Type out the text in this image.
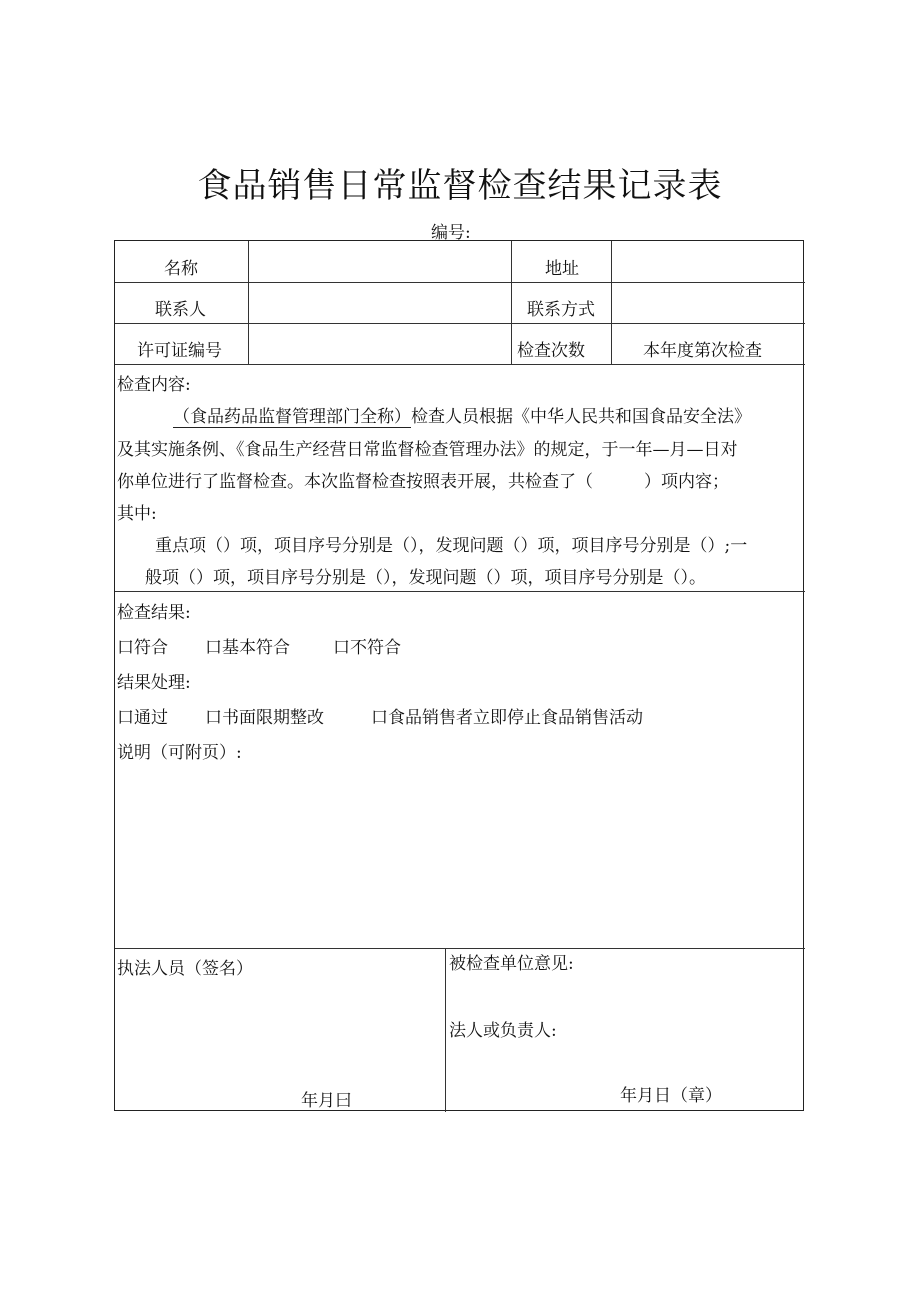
食品销售日常监督检查结果记录表
编号:
名称	地址
联系人	联系方式
许可证编号	检查次数	本年度第次检查
检查内容:
（食品药品监督管理部门全称）检查人员根据《中华人民共和国食品安全法》
及其实施条例、《食品生产经营日常监督检查管理办法》的规定，于一年—月—日对
你单位进行了监督检查。本次监督检查按照表开展，共检查了（　　　）项内容；
其中:
重点项（）项，项目序号分别是（），发现问题（）项，项目序号分别是（）;一
般项（）项，项目序号分别是（），发现问题（）项，项目序号分别是（）。
检查结果:
口符合 口基本符合	口不符合
结果处理:
口通过 口书面限期整改	口食品销售者立即停止食品销售活动
说明（可附页）:
执法人员（签名）
年月曰
被检查单位意见:
法人或负责人:
年月日（章）
